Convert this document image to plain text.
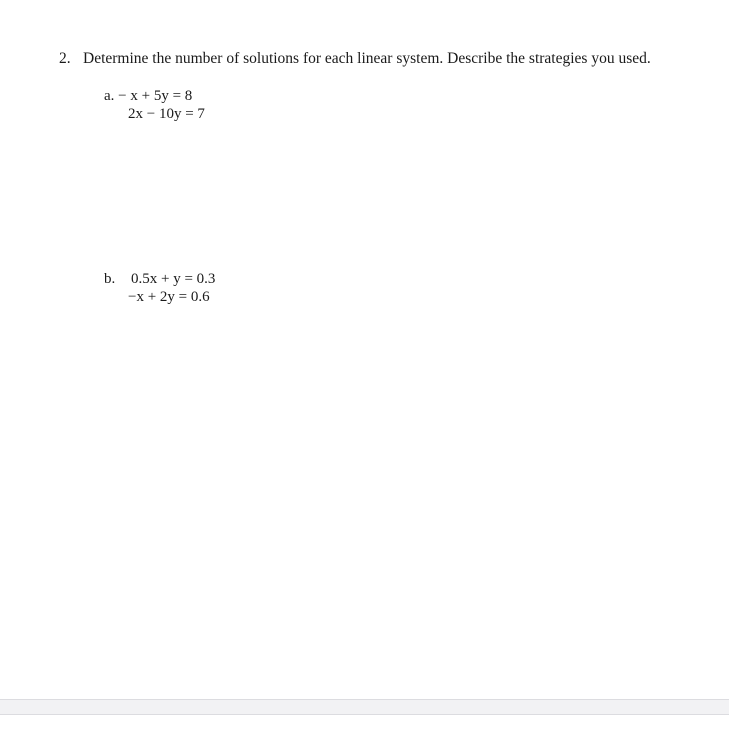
2. Determine the number of solutions for each linear system. Describe the strategies you used.
a. − x + 5y = 8
2x − 10y = 7
b. 0.5x + y = 0.3
−x + 2y = 0.6
